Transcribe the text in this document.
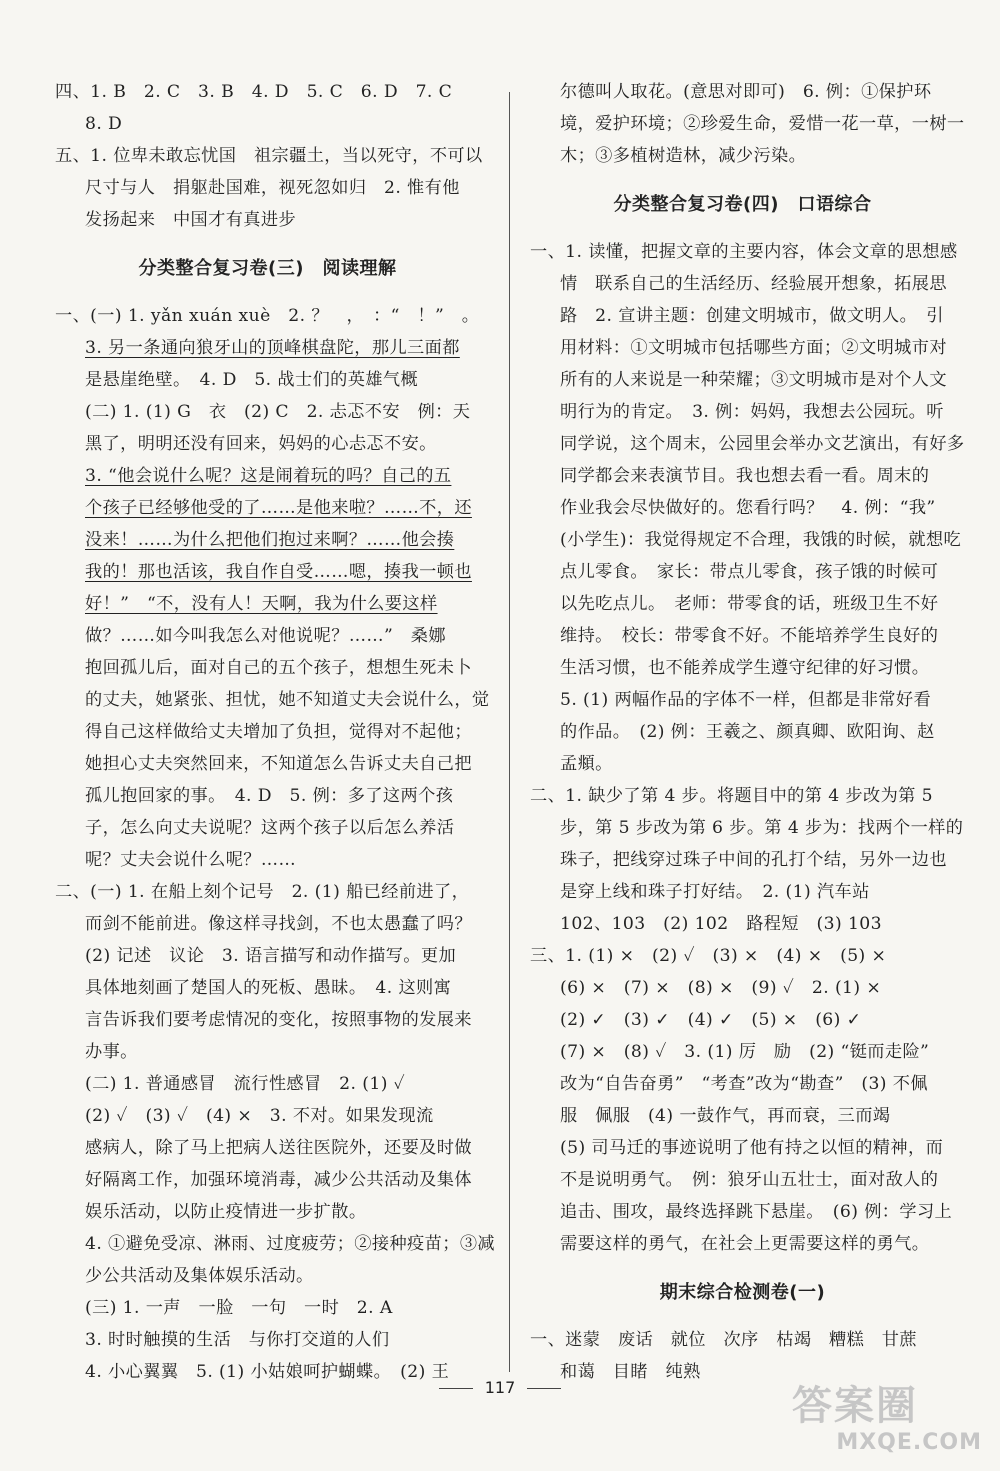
四、1. B　2. C　3. B　4. D　5. C　6. D　7. C
8. D
五、1. 位卑未敢忘忧国　祖宗疆土，当以死守，不可以
尺寸与人　捐躯赴国难，视死忽如归　2. 惟有他
发扬起来　中国才有真进步
分类整合复习卷(三)　阅读理解
一、(一) 1. yǎn xuán xuè　2. ？　，　：“　！”　。
3. 另一条通向狼牙山的顶峰棋盘陀，那儿三面都
是悬崖绝壁。　4. D　5. 战士们的英雄气概
(二) 1. (1) G　衣　(2) C　2. 忐忑不安　例：天
黑了，明明还没有回来，妈妈的心忐忑不安。
3. “他会说什么呢？这是闹着玩的吗？自己的五
个孩子已经够他受的了……是他来啦？……不，还
没来！……为什么把他们抱过来啊？……他会揍
我的！那也活该，我自作自受……嗯，揍我一顿也
好！”　“不，没有人！天啊，我为什么要这样
做？……如今叫我怎么对他说呢？……”　桑娜
抱回孤儿后，面对自己的五个孩子，想想生死未卜
的丈夫，她紧张、担忧，她不知道丈夫会说什么，觉
得自己这样做给丈夫增加了负担，觉得对不起他；
她担心丈夫突然回来，不知道怎么告诉丈夫自己把
孤儿抱回家的事。　4. D　5. 例：多了这两个孩
子，怎么向丈夫说呢？这两个孩子以后怎么养活
呢？丈夫会说什么呢？……
二、(一) 1. 在船上刻个记号　2. (1) 船已经前进了，
而剑不能前进。像这样寻找剑，不也太愚蠢了吗？
(2) 记述　议论　3. 语言描写和动作描写。更加
具体地刻画了楚国人的死板、愚昧。　4. 这则寓
言告诉我们要考虑情况的变化，按照事物的发展来
办事。
(二) 1. 普通感冒　流行性感冒　2. (1) ✓
(2) ✓　(3) ✓　(4) ×　3. 不对。如果发现流
感病人，除了马上把病人送往医院外，还要及时做
好隔离工作，加强环境消毒，减少公共活动及集体
娱乐活动，以防止疫情进一步扩散。
4. ①避免受凉、淋雨、过度疲劳；②接种疫苗；③减
少公共活动及集体娱乐活动。
(三) 1. 一声　一脸　一句　一时　2. A
3. 时时触摸的生活　与你打交道的人们
4. 小心翼翼　5. (1) 小姑娘呵护蝴蝶。　(2) 王
尔德叫人取花。(意思对即可)　6. 例：①保护环
境，爱护环境；②珍爱生命，爱惜一花一草，一树一
木；③多植树造林，减少污染。
分类整合复习卷(四)　口语综合
一、1. 读懂，把握文章的主要内容，体会文章的思想感
情　联系自己的生活经历、经验展开想象，拓展思
路　2. 宣讲主题：创建文明城市，做文明人。　引
用材料：①文明城市包括哪些方面；②文明城市对
所有的人来说是一种荣耀；③文明城市是对个人文
明行为的肯定。　3. 例：妈妈，我想去公园玩。听
同学说，这个周末，公园里会举办文艺演出，有好多
同学都会来表演节目。我也想去看一看。周末的
作业我会尽快做好的。您看行吗？　4. 例：“我”
(小学生)：我觉得规定不合理，我饿的时候，就想吃
点儿零食。　家长：带点儿零食，孩子饿的时候可
以先吃点儿。　老师：带零食的话，班级卫生不好
维持。　校长：带零食不好。不能培养学生良好的
生活习惯，也不能养成学生遵守纪律的好习惯。
5. (1) 两幅作品的字体不一样，但都是非常好看
的作品。　(2) 例：王羲之、颜真卿、欧阳询、赵
孟頫。
二、1. 缺少了第 4 步。将题目中的第 4 步改为第 5
步，第 5 步改为第 6 步。第 4 步为：找两个一样的
珠子，把线穿过珠子中间的孔打个结，另外一边也
是穿上线和珠子打好结。　2. (1) 汽车站
102、103　(2) 102　路程短　(3) 103
三、1. (1) ×　(2) ✓　(3) ×　(4) ×　(5) ×
(6) ×　(7) ×　(8) ×　(9) ✓　2. (1) ×
(2) ✓　(3) ✓　(4) ✓　(5) ×　(6) ✓
(7) ×　(8) ✓　3. (1) 厉　励　(2) “铤而走险”
改为“自告奋勇”　“考查”改为“勘查”　(3) 不佩
服　佩服　(4) 一鼓作气，再而衰，三而竭
(5) 司马迁的事迹说明了他有持之以恒的精神，而
不是说明勇气。　例：狼牙山五壮士，面对敌人的
追击、围攻，最终选择跳下悬崖。　(6) 例：学习上
需要这样的勇气，在社会上更需要这样的勇气。
期末综合检测卷(一)
一、迷蒙　废话　就位　次序　枯竭　糟糕　甘蔗
和蔼　目睹　纯熟
117	答案圈
MXQE.COM
